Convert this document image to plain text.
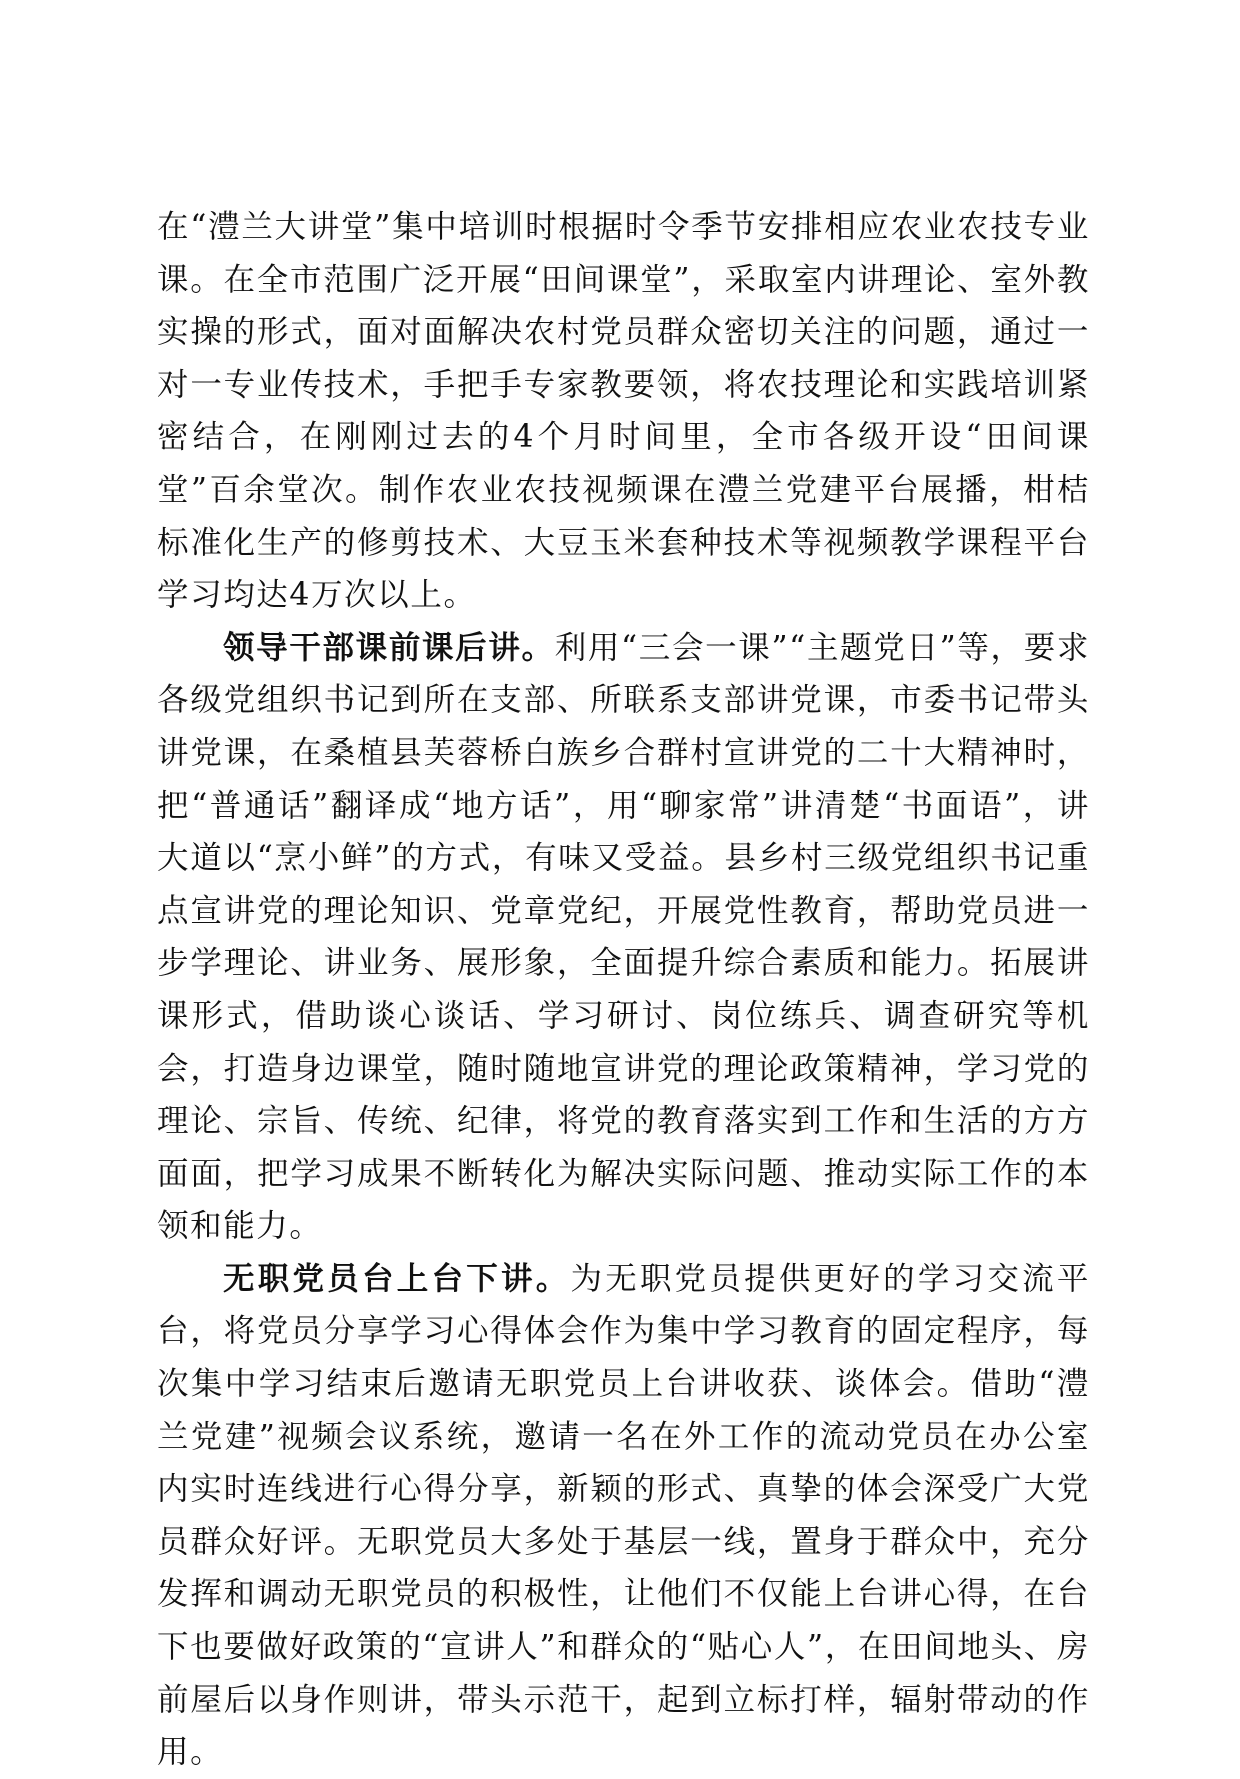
在“澧兰大讲堂”集中培训时根据时令季节安排相应农业农技专业课。在全市范围广泛开展“田间课堂”，采取室内讲理论、室外教实操的形式，面对面解决农村党员群众密切关注的问题，通过一对一专业传技术，手把手专家教要领，将农技理论和实践培训紧密结合，在刚刚过去的4个月时间里，全市各级开设“田间课堂”百余堂次。制作农业农技视频课在澧兰党建平台展播，柑桔标准化生产的修剪技术、大豆玉米套种技术等视频教学课程平台学习均达4万次以上。

领导干部课前课后讲。利用“三会一课”“主题党日”等，要求各级党组织书记到所在支部、所联系支部讲党课，市委书记带头讲党课，在桑植县芙蓉桥白族乡合群村宣讲党的二十大精神时，把“普通话”翻译成“地方话”，用“聊家常”讲清楚“书面语”，讲大道以“烹小鲜”的方式，有味又受益。县乡村三级党组织书记重点宣讲党的理论知识、党章党纪，开展党性教育，帮助党员进一步学理论、讲业务、展形象，全面提升综合素质和能力。拓展讲课形式，借助谈心谈话、学习研讨、岗位练兵、调查研究等机会，打造身边课堂，随时随地宣讲党的理论政策精神，学习党的理论、宗旨、传统、纪律，将党的教育落实到工作和生活的方方面面，把学习成果不断转化为解决实际问题、推动实际工作的本领和能力。

无职党员台上台下讲。为无职党员提供更好的学习交流平台，将党员分享学习心得体会作为集中学习教育的固定程序，每次集中学习结束后邀请无职党员上台讲收获、谈体会。借助“澧兰党建”视频会议系统，邀请一名在外工作的流动党员在办公室内实时连线进行心得分享，新颖的形式、真挚的体会深受广大党员群众好评。无职党员大多处于基层一线，置身于群众中，充分发挥和调动无职党员的积极性，让他们不仅能上台讲心得，在台下也要做好政策的“宣讲人”和群众的“贴心人”，在田间地头、房前屋后以身作则讲，带头示范干，起到立标打样，辐射带动的作用。
